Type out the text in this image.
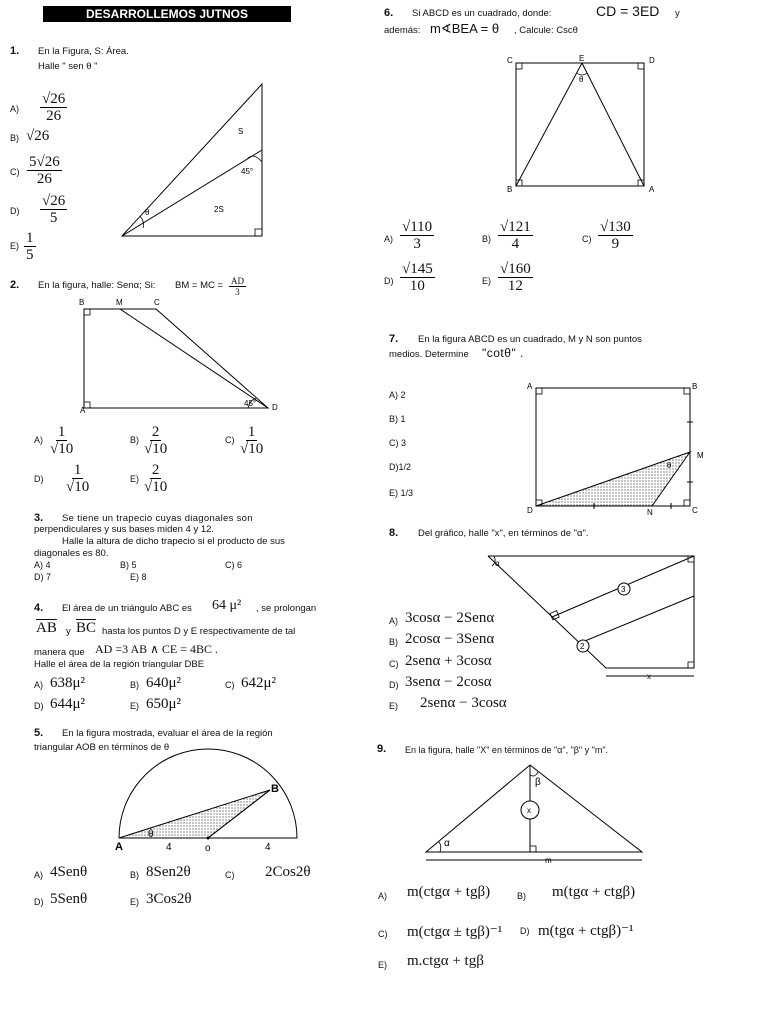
DESARROLLEMOS JUTNOS
1. En la Figura, S: Área.
Halle " sen θ "
$A) \frac{√26}{26}$
B) √26
$C) \frac{5√26}{26}$
$D) \frac{√26}{5}$
$E) \frac{1}{5}$
S
45°
2S
θ
2. En la figura, halle: Senα; Si: BM = MC = $\frac{AD}{3}$
B	M	C
A	D
45°
$A) \frac{1}{√10}$	$B) \frac{2}{√10}$	$C) \frac{1}{√10}$
$D) \frac{1}{√10}$	$E) \frac{2}{√10}$
3. Se tiene un trapecio cuyas diagonales son
perpendiculares y sus bases miden 4 y 12.
Halle la altura de dicho trapecio si el producto de sus
diagonales es 80.
A) 4	B) 5	C) 6
D) 7	E) 8
4. El área de un triángulo ABC es 64 μ² , se prolongan
$\overline{AB}$ y $\overline{BC}$ hasta los puntos D y E respectivamente de tal
manera que AD =3 AB ∧ CE = 4BC .
Halle el área de la región triangular DBE
A) 638μ²	B) 640μ²	C) 642μ²
D) 644μ²	E) 650μ²
5. En la figura mostrada, evaluar el área de la región
triangular AOB en términos de θ
A
B
o
4	4
θ
A) 4Senθ	B) 8Sen2θ	C) 2Cos2θ
D) 5Senθ	E) 3Cos2θ
6. Si ABCD es un cuadrado, donde:	CD = 3ED y
además: m∢BEA = θ , Calcule: Cscθ
C	E	D
B	A
θ
$A) \frac{√110}{3}$	$B) \frac{√121}{4}$	$C) \frac{√130}{9}$
$D) \frac{√145}{10}$	$E) \frac{√160}{12}$
7. En la figura ABCD es un cuadrado, M y N son puntos
medios. Determine "cotθ" .
A) 2
B) 1
C) 3
D)1/2
E) 1/3
A	B
M
C
N
D
θ
8. Del gráfico, halle "x", en términos de "α".
α
3
2
x
A) 3cosα − 2Senα
B) 2cosα − 3Senα
C) 2senα + 3cosα
D) 3senα − 2cosα
E) 2senα − 3cosα
9. En la figura, halle "X" en términos de "α", "β" y "m".
β
x
α
m
A) m(ctgα + tgβ)	B) m(tgα + ctgβ)
C) m(ctgα ± tgβ)⁻¹ D) m(tgα + ctgβ)⁻¹
E) m.ctgα + tgβ
